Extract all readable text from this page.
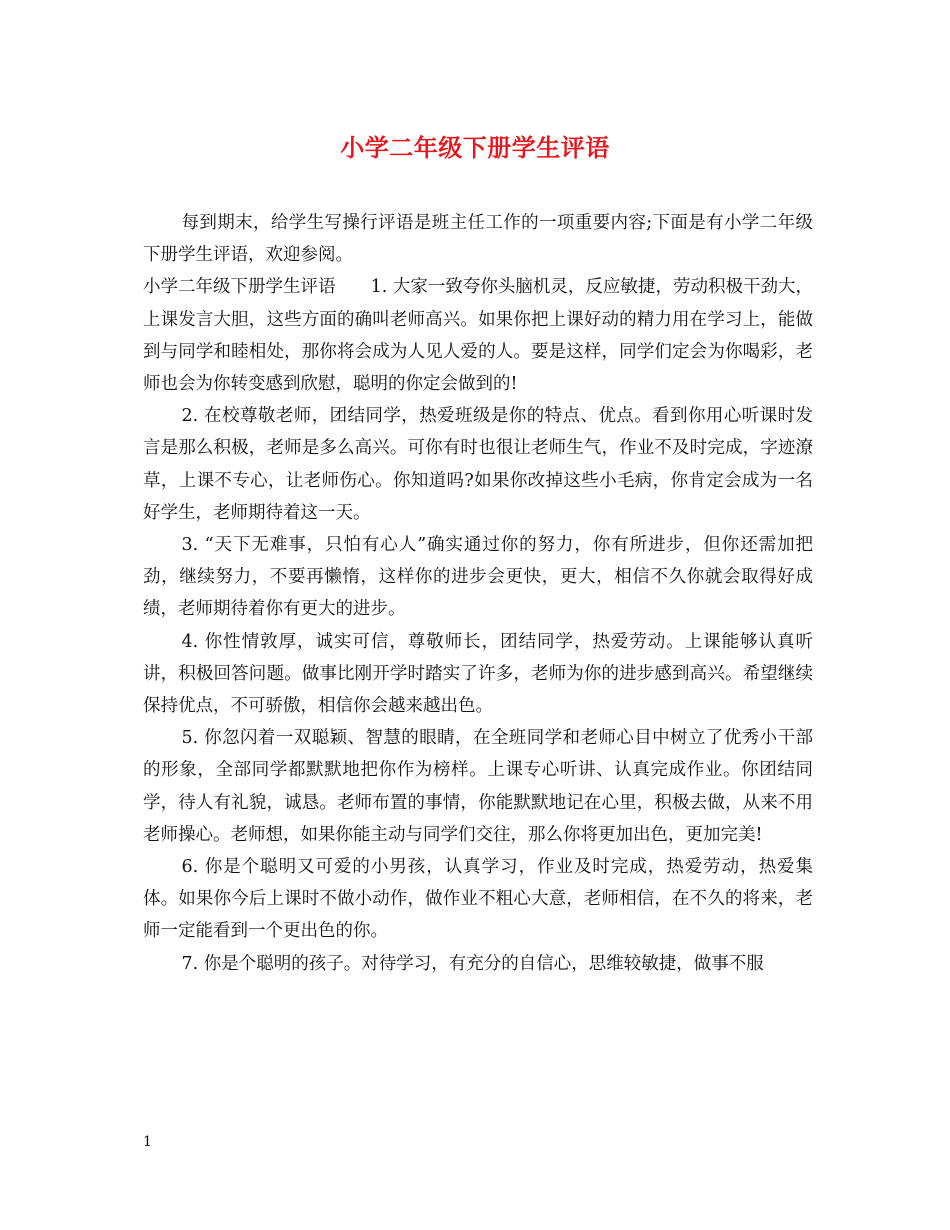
小学二年级下册学生评语

每到期末，给学生写操行评语是班主任工作的一项重要内容;下面是有小学二年级下册学生评语，欢迎参阅。

小学二年级下册学生评语　　1. 大家一致夸你头脑机灵，反应敏捷，劳动积极干劲大，上课发言大胆，这些方面的确叫老师高兴。如果你把上课好动的精力用在学习上，能做到与同学和睦相处，那你将会成为人见人爱的人。要是这样，同学们定会为你喝彩，老师也会为你转变感到欣慰，聪明的你定会做到的!

2. 在校尊敬老师，团结同学，热爱班级是你的特点、优点。看到你用心听课时发言是那么积极，老师是多么高兴。可你有时也很让老师生气，作业不及时完成，字迹潦草，上课不专心，让老师伤心。你知道吗?如果你改掉这些小毛病，你肯定会成为一名好学生，老师期待着这一天。

3. “天下无难事，只怕有心人”确实通过你的努力，你有所进步，但你还需加把劲，继续努力，不要再懒惰，这样你的进步会更快，更大，相信不久你就会取得好成绩，老师期待着你有更大的进步。

4. 你性情敦厚，诚实可信，尊敬师长，团结同学，热爱劳动。上课能够认真听讲，积极回答问题。做事比刚开学时踏实了许多，老师为你的进步感到高兴。希望继续保持优点，不可骄傲，相信你会越来越出色。

5. 你忽闪着一双聪颖、智慧的眼睛，在全班同学和老师心目中树立了优秀小干部的形象，全部同学都默默地把你作为榜样。上课专心听讲、认真完成作业。你团结同学，待人有礼貌，诚恳。老师布置的事情，你能默默地记在心里，积极去做，从来不用老师操心。老师想，如果你能主动与同学们交往，那么你将更加出色，更加完美!

6. 你是个聪明又可爱的小男孩，认真学习，作业及时完成，热爱劳动，热爱集体。如果你今后上课时不做小动作，做作业不粗心大意，老师相信，在不久的将来，老师一定能看到一个更出色的你。

7. 你是个聪明的孩子。对待学习，有充分的自信心，思维较敏捷，做事不服

1
